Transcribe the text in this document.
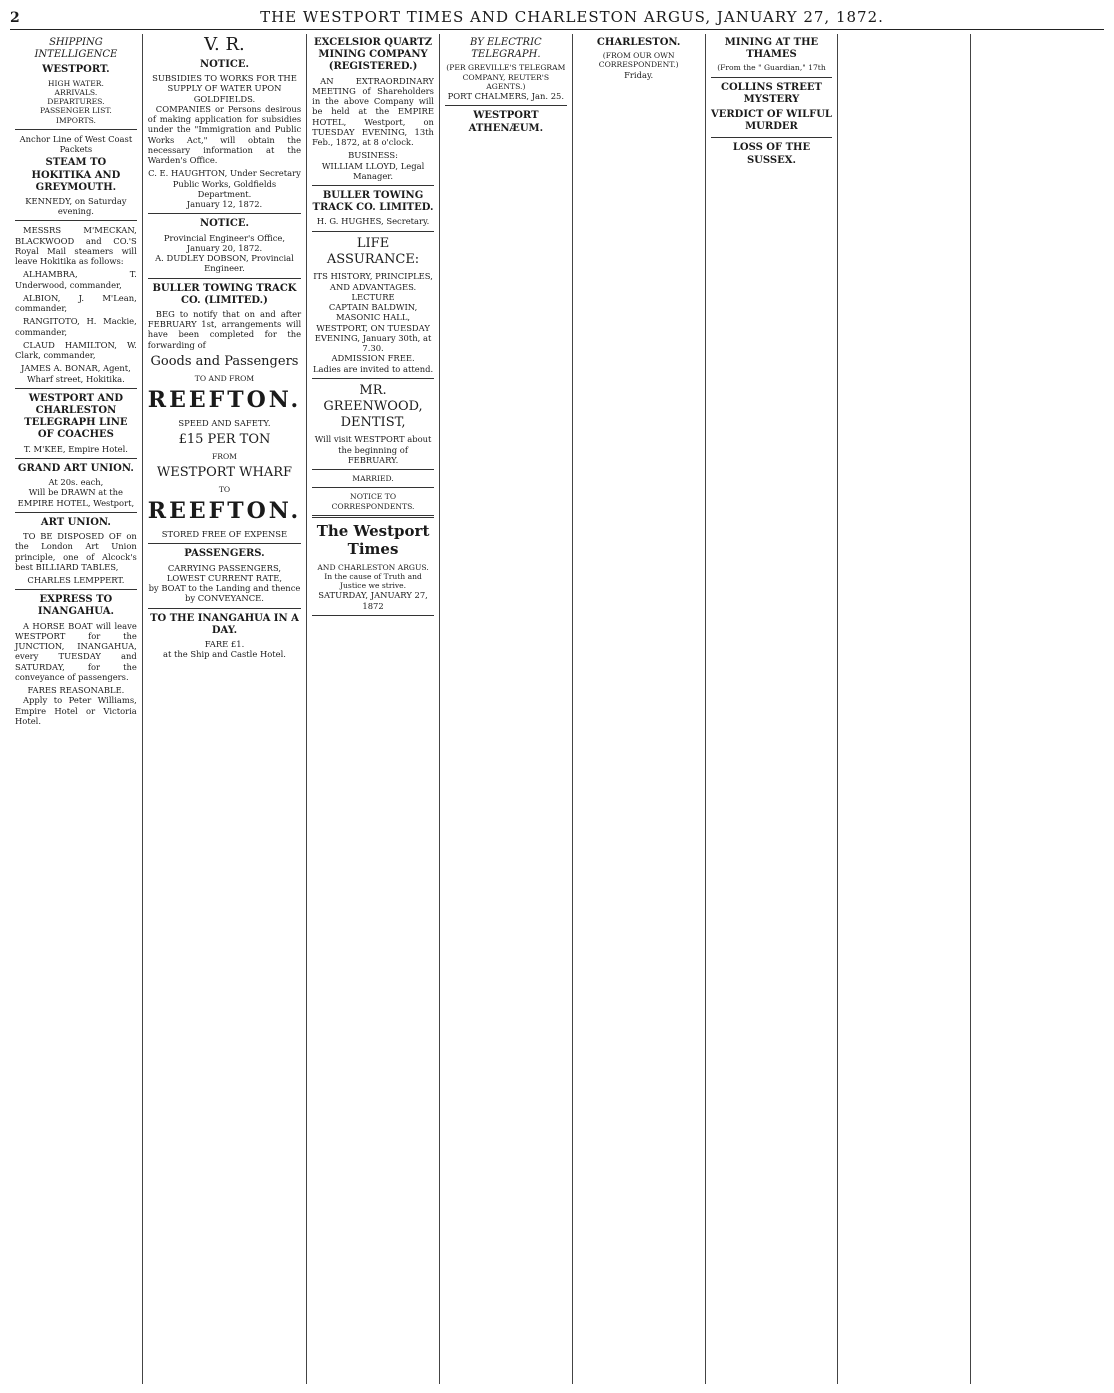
2	THE WESTPORT TIMES AND CHARLESTON ARGUS, JANUARY 27, 1872.
SHIPPING INTELLIGENCE
WESTPORT.
HIGH WATER.
ARRIVALS.
DEPARTURES.
PASSENGER LIST.
IMPORTS.
Anchor Line of West Coast Packets
STEAM TO HOKITIKA AND GREYMOUTH.
KENNEDY, on Saturday evening.

MESSRS M'MECKAN, BLACKWOOD and CO.'S Royal Mail steamers will leave Hokitika as follows:

ALHAMBRA, T. Underwood, commander,

ALBION, J. M'Lean, commander,

RANGITOTO, H. Mackie, commander,

CLAUD HAMILTON, W. Clark, commander,

JAMES A. BONAR, Agent, Wharf street, Hokitika.
WESTPORT AND CHARLESTON TELEGRAPH LINE OF COACHES
T. M'KEE, Empire Hotel.
GRAND ART UNION.
At 20s. each,
Will be DRAWN at the EMPIRE HOTEL, Westport,
ART UNION.

TO BE DISPOSED OF on the London Art Union principle, one of Alcock's best BILLIARD TABLES,

CHARLES LEMPPERT.
EXPRESS TO INANGAHUA.

A HORSE BOAT will leave WESTPORT for the JUNCTION, INANGAHUA, every TUESDAY and SATURDAY, for the conveyance of passengers.

FARES REASONABLE.

Apply to Peter Williams, Empire Hotel or Victoria Hotel.

V. R.
NOTICE.
SUBSIDIES TO WORKS FOR THE SUPPLY OF WATER UPON GOLDFIELDS.

COMPANIES or Persons desirous of making application for subsidies under the "Immigration and Public Works Act," will obtain the necessary information at the Warden's Office.

C. E. HAUGHTON, Under Secretary Public Works, Goldfields Department.
January 12, 1872.
NOTICE.
Provincial Engineer's Office, January 20, 1872.
A. DUDLEY DOBSON, Provincial Engineer.
BULLER TOWING TRACK CO. (LIMITED.)

BEG to notify that on and after FEBRUARY 1st, arrangements will have been completed for the forwarding of

Goods and Passengers
TO AND FROM
REEFTON.
SPEED AND SAFETY.
£15 PER TON
FROM
WESTPORT WHARF
TO
REEFTON.
STORED FREE OF EXPENSE
PASSENGERS.
CARRYING PASSENGERS,
LOWEST CURRENT RATE,
by BOAT to the Landing and thence by CONVEYANCE.
TO THE INANGAHUA IN A DAY.
FARE £1.
at the Ship and Castle Hotel.
EXCELSIOR QUARTZ MINING COMPANY (REGISTERED.)

AN EXTRAORDINARY MEETING of Shareholders in the above Company will be held at the EMPIRE HOTEL, Westport, on TUESDAY EVENING, 13th Feb., 1872, at 8 o'clock.

BUSINESS:
WILLIAM LLOYD, Legal Manager.
BULLER TOWING TRACK CO. LIMITED.
H. G. HUGHES, Secretary.
LIFE ASSURANCE:
ITS HISTORY, PRINCIPLES, AND ADVANTAGES.
LECTURE
CAPTAIN BALDWIN,
MASONIC HALL, WESTPORT, ON TUESDAY EVENING, January 30th, at 7.30.
ADMISSION FREE.
Ladies are invited to attend.
MR. GREENWOOD, DENTIST,
Will visit WESTPORT about the beginning of FEBRUARY.
MARRIED.
NOTICE TO CORRESPONDENTS.
The Westport Times
AND CHARLESTON ARGUS.
In the cause of Truth and Justice we strive.
SATURDAY, JANUARY 27, 1872
BY ELECTRIC TELEGRAPH.
(PER GREVILLE'S TELEGRAM COMPANY, REUTER'S AGENTS.)
PORT CHALMERS, Jan. 25.
WESTPORT ATHENÆUM.
CHARLESTON.
(FROM OUR OWN CORRESPONDENT.)
Friday.
MINING AT THE THAMES
(From the " Guardian," 17th
COLLINS STREET MYSTERY
VERDICT OF WILFUL MURDER
LOSS OF THE SUSSEX.
